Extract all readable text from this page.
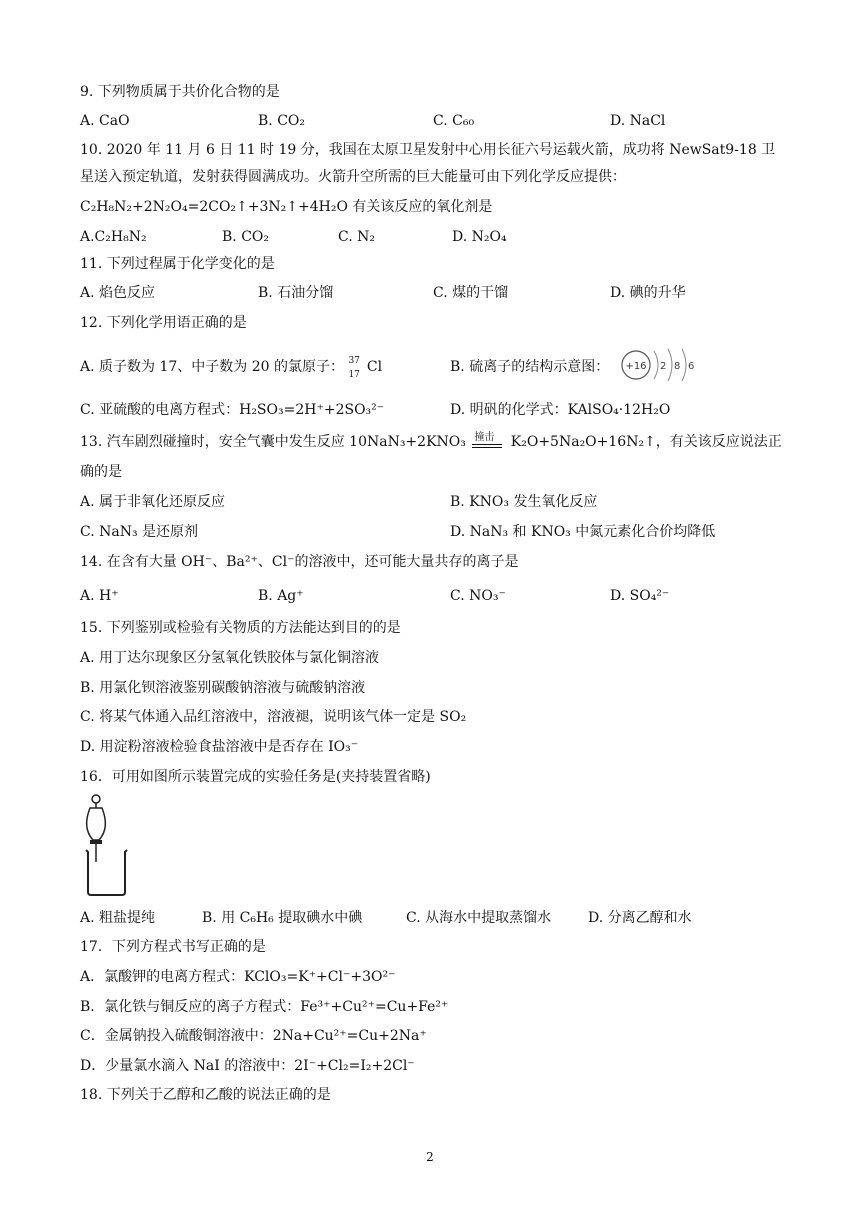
9. 下列物质属于共价化合物的是
A. CaO	B. CO₂	C. C₆₀	D. NaCl
10. 2020 年 11 月 6 日 11 时 19 分，我国在太原卫星发射中心用长征六号运载火箭，成功将 NewSat9-18 卫
星送入预定轨道，发射获得圆满成功。火箭升空所需的巨大能量可由下列化学反应提供：
C₂H₈N₂+2N₂O₄=2CO₂↑+3N₂↑+4H₂O 有关该反应的氧化剂是
A.C₂H₈N₂	B. CO₂	C. N₂	D. N₂O₄
11. 下列过程属于化学变化的是
A. 焰色反应	B. 石油分馏	C. 煤的干馏	D. 碘的升华
12. 下列化学用语正确的是
A. 质子数为 17、中子数为 20 的氯原子： 37
17 Cl	B. 硫离子的结构示意图： +16 2 8 6
C. 亚硫酸的电离方程式：H₂SO₃=2H⁺+2SO₃²⁻	D. 明矾的化学式：KAlSO₄·12H₂O
13. 汽车剧烈碰撞时，安全气囊中发生反应 10NaN₃+2KNO₃ 撞击 K₂O+5Na₂O+16N₂↑，有关该反应说法正
确的是
A. 属于非氧化还原反应	B. KNO₃ 发生氧化反应
C. NaN₃ 是还原剂	D. NaN₃ 和 KNO₃ 中氮元素化合价均降低
14. 在含有大量 OH⁻、Ba²⁺、Cl⁻的溶液中，还可能大量共存的离子是
A. H⁺	B. Ag⁺	C. NO₃⁻	D. SO₄²⁻
15. 下列鉴别或检验有关物质的方法能达到目的的是
A. 用丁达尔现象区分氢氧化铁胶体与氯化铜溶液
B. 用氯化钡溶液鉴别碳酸钠溶液与硫酸钠溶液
C. 将某气体通入品红溶液中，溶液褪，说明该气体一定是 SO₂
D. 用淀粉溶液检验食盐溶液中是否存在 IO₃⁻
16．可用如图所示装置完成的实验任务是(夹持装置省略)
A. 粗盐提纯	B. 用 C₆H₆ 提取碘水中碘	C. 从海水中提取蒸馏水	D. 分离乙醇和水
17．下列方程式书写正确的是
A．氯酸钾的电离方程式：KClO₃=K⁺+Cl⁻+3O²⁻
B．氯化铁与铜反应的离子方程式：Fe³⁺+Cu²⁺=Cu+Fe²⁺
C．金属钠投入硫酸铜溶液中：2Na+Cu²⁺=Cu+2Na⁺
D．少量氯水滴入 NaI 的溶液中：2I⁻+Cl₂=I₂+2Cl⁻
18. 下列关于乙醇和乙酸的说法正确的是
2
